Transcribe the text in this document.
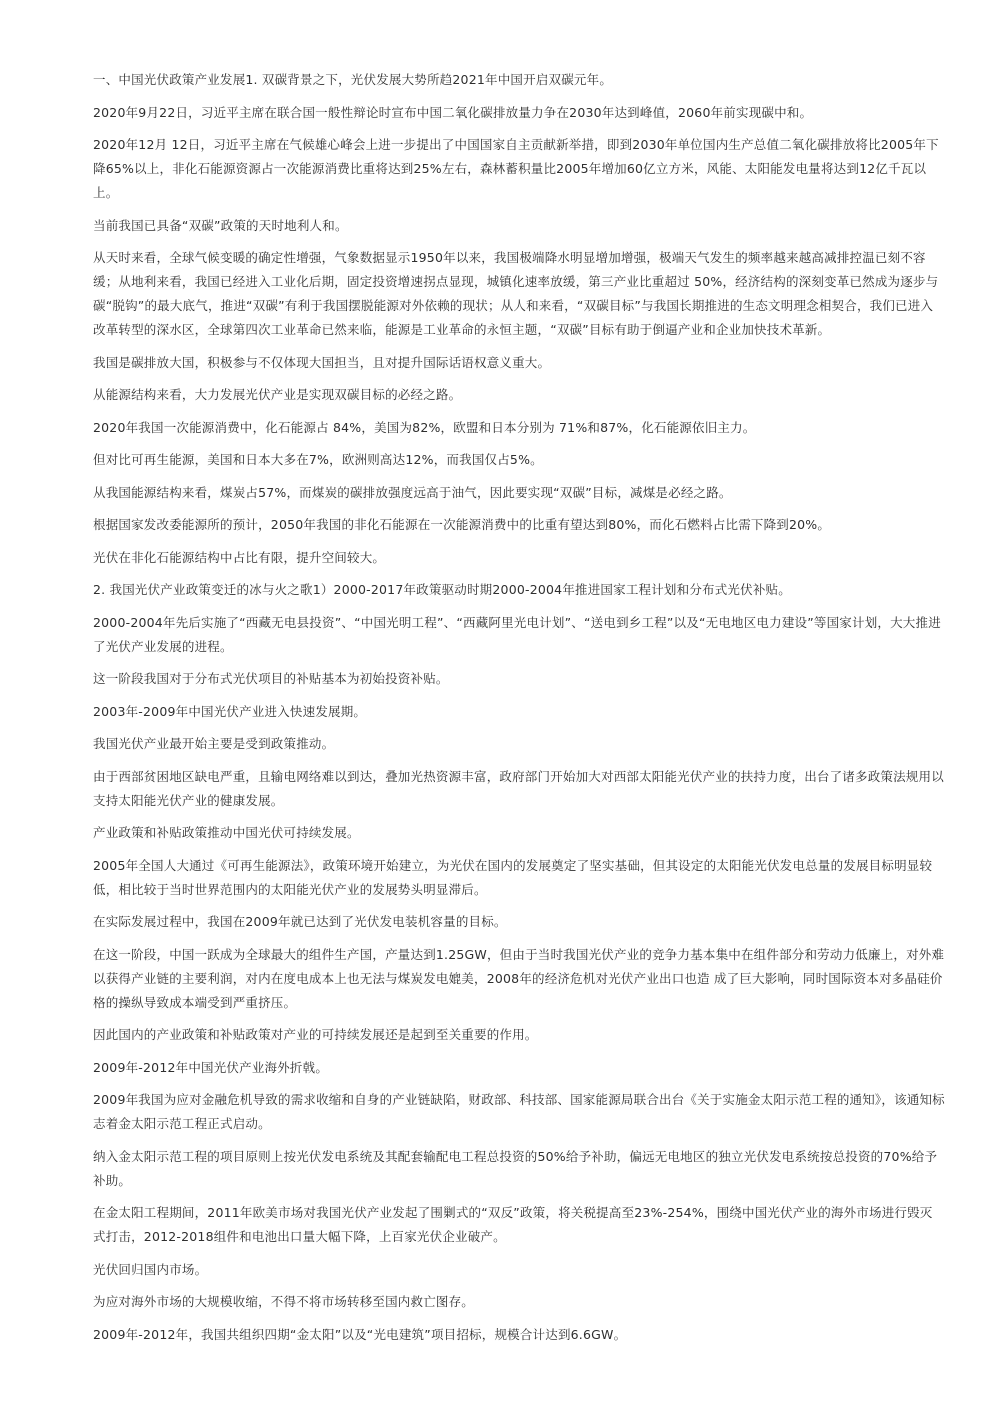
一、中国光伏政策产业发展1. 双碳背景之下，光伏发展大势所趋2021年中国开启双碳元年。

2020年9月22日，习近平主席在联合国一般性辩论时宣布中国二氧化碳排放量力争在2030年达到峰值，2060年前实现碳中和。

2020年12月 12日，习近平主席在气候雄心峰会上进一步提出了中国国家自主贡献新举措，即到2030年单位国内生产总值二氧化碳排放将比2005年下降65%以上，非化石能源资源占一次能源消费比重将达到25%左右，森林蓄积量比2005年增加60亿立方米，风能、太阳能发电量将达到12亿千瓦以上。

当前我国已具备“双碳”政策的天时地利人和。

从天时来看，全球气候变暖的确定性增强，气象数据显示1950年以来，我国极端降水明显增加增强，极端天气发生的频率越来越高减排控温已刻不容缓；从地利来看，我国已经进入工业化后期，固定投资增速拐点显现，城镇化速率放缓，第三产业比重超过 50%，经济结构的深刻变革已然成为逐步与碳“脱钩”的最大底气，推进“双碳”有利于我国摆脱能源对外依赖的现状；从人和来看，“双碳目标”与我国长期推进的生态文明理念相契合，我们已进入改革转型的深水区，全球第四次工业革命已然来临，能源是工业革命的永恒主题，“双碳”目标有助于倒逼产业和企业加快技术革新。

我国是碳排放大国，积极参与不仅体现大国担当，且对提升国际话语权意义重大。

从能源结构来看，大力发展光伏产业是实现双碳目标的必经之路。

2020年我国一次能源消费中，化石能源占 84%，美国为82%，欧盟和日本分别为 71%和87%，化石能源依旧主力。

但对比可再生能源，美国和日本大多在7%，欧洲则高达12%，而我国仅占5%。

从我国能源结构来看，煤炭占57%，而煤炭的碳排放强度远高于油气，因此要实现“双碳”目标，减煤是必经之路。

根据国家发改委能源所的预计，2050年我国的非化石能源在一次能源消费中的比重有望达到80%，而化石燃料占比需下降到20%。

光伏在非化石能源结构中占比有限，提升空间较大。

2. 我国光伏产业政策变迁的冰与火之歌1）2000-2017年政策驱动时期2000-2004年推进国家工程计划和分布式光伏补贴。

2000-2004年先后实施了“西藏无电县投资”、“中国光明工程”、“西藏阿里光电计划”、“送电到乡工程”以及“无电地区电力建设”等国家计划，大大推进了光伏产业发展的进程。

这一阶段我国对于分布式光伏项目的补贴基本为初始投资补贴。

2003年-2009年中国光伏产业进入快速发展期。

我国光伏产业最开始主要是受到政策推动。

由于西部贫困地区缺电严重，且输电网络难以到达，叠加光热资源丰富，政府部门开始加大对西部太阳能光伏产业的扶持力度，出台了诸多政策法规用以支持太阳能光伏产业的健康发展。

产业政策和补贴政策推动中国光伏可持续发展。

2005年全国人大通过《可再生能源法》，政策环境开始建立，为光伏在国内的发展奠定了坚实基础，但其设定的太阳能光伏发电总量的发展目标明显较低，相比较于当时世界范围内的太阳能光伏产业的发展势头明显滞后。

在实际发展过程中，我国在2009年就已达到了光伏发电装机容量的目标。

在这一阶段，中国一跃成为全球最大的组件生产国，产量达到1.25GW，但由于当时我国光伏产业的竞争力基本集中在组件部分和劳动力低廉上，对外难以获得产业链的主要利润，对内在度电成本上也无法与煤炭发电媲美，2008年的经济危机对光伏产业出口也造 成了巨大影响，同时国际资本对多晶硅价格的操纵导致成本端受到严重挤压。

因此国内的产业政策和补贴政策对产业的可持续发展还是起到至关重要的作用。

2009年-2012年中国光伏产业海外折戟。

2009年我国为应对金融危机导致的需求收缩和自身的产业链缺陷，财政部、科技部、国家能源局联合出台《关于实施金太阳示范工程的通知》，该通知标志着金太阳示范工程正式启动。

纳入金太阳示范工程的项目原则上按光伏发电系统及其配套输配电工程总投资的50%给予补助，偏远无电地区的独立光伏发电系统按总投资的70%给予补助。

在金太阳工程期间，2011年欧美市场对我国光伏产业发起了围剿式的“双反”政策，将关税提高至23%-254%，围绕中国光伏产业的海外市场进行毁灭式打击，2012-2018组件和电池出口量大幅下降，上百家光伏企业破产。

光伏回归国内市场。

为应对海外市场的大规模收缩，不得不将市场转移至国内救亡图存。

2009年-2012年，我国共组织四期“金太阳”以及“光电建筑”项目招标，规模合计达到6.6GW。
